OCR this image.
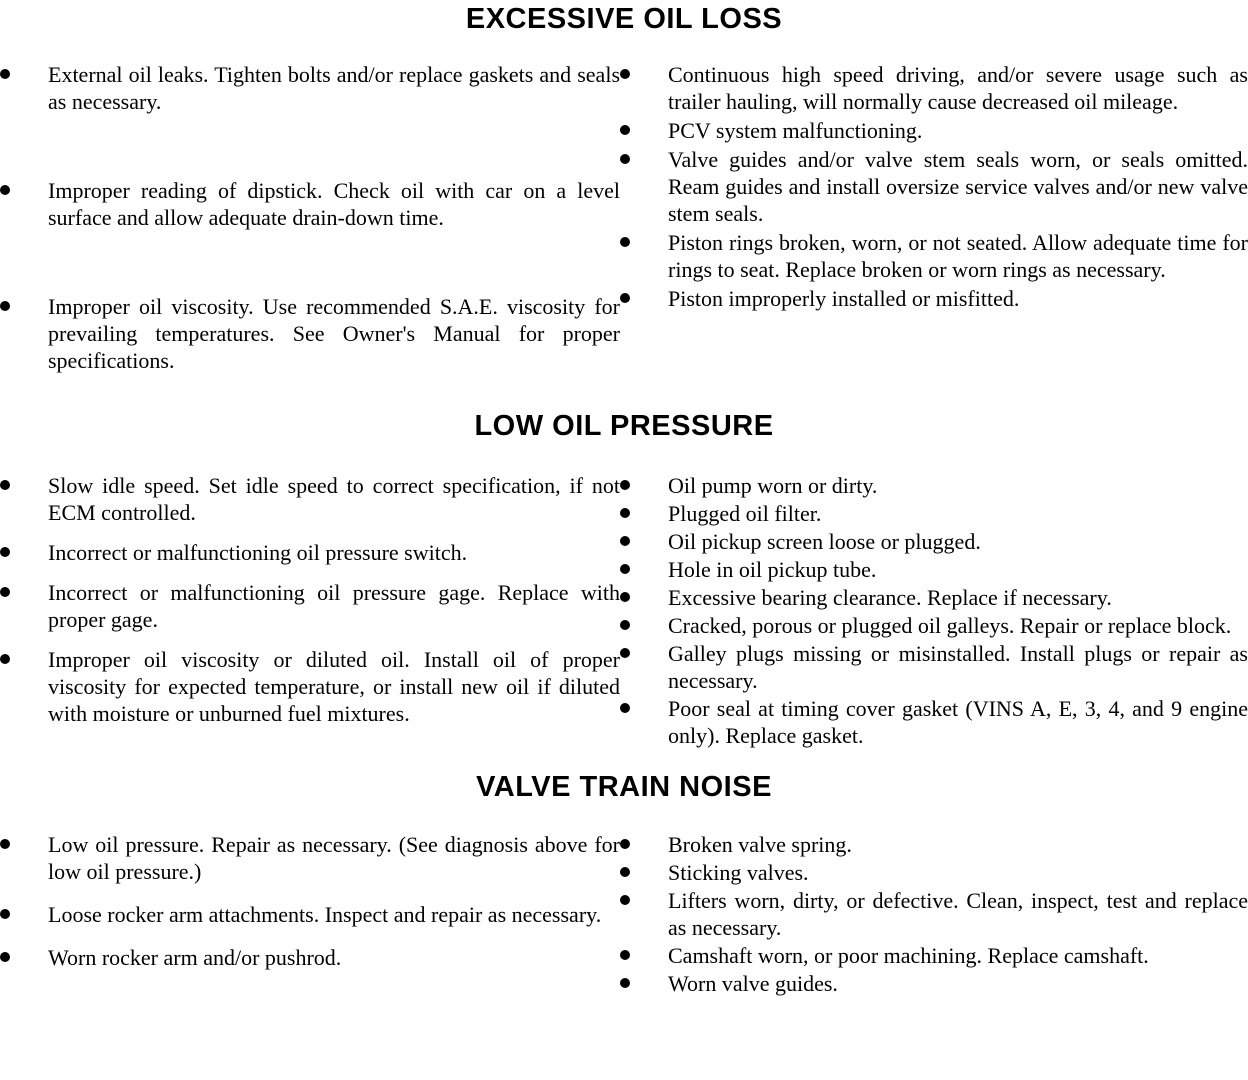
EXCESSIVE OIL LOSS
External oil leaks. Tighten bolts and/or replace gaskets and seals as necessary.
Improper reading of dipstick. Check oil with car on a level surface and allow adequate drain-down time.
Improper oil viscosity. Use recommended S.A.E. viscosity for prevailing temperatures. See Owner's Manual for proper specifications.
Continuous high speed driving, and/or severe usage such as trailer hauling, will normally cause decreased oil mileage.
PCV system malfunctioning.
Valve guides and/or valve stem seals worn, or seals omitted. Ream guides and install oversize service valves and/or new valve stem seals.
Piston rings broken, worn, or not seated. Allow adequate time for rings to seat. Replace broken or worn rings as necessary.
Piston improperly installed or misfitted.
LOW OIL PRESSURE
Slow idle speed. Set idle speed to correct specification, if not ECM controlled.
Incorrect or malfunctioning oil pressure switch.
Incorrect or malfunctioning oil pressure gage. Replace with proper gage.
Improper oil viscosity or diluted oil. Install oil of proper viscosity for expected temperature, or install new oil if diluted with moisture or unburned fuel mixtures.
Oil pump worn or dirty.
Plugged oil filter.
Oil pickup screen loose or plugged.
Hole in oil pickup tube.
Excessive bearing clearance. Replace if necessary.
Cracked, porous or plugged oil galleys. Repair or replace block.
Galley plugs missing or misinstalled. Install plugs or repair as necessary.
Poor seal at timing cover gasket (VINS A, E, 3, 4, and 9 engine only). Replace gasket.
VALVE TRAIN NOISE
Low oil pressure. Repair as necessary. (See diagnosis above for low oil pressure.)
Loose rocker arm attachments. Inspect and repair as necessary.
Worn rocker arm and/or pushrod.
Broken valve spring.
Sticking valves.
Lifters worn, dirty, or defective. Clean, inspect, test and replace as necessary.
Camshaft worn, or poor machining. Replace camshaft.
Worn valve guides.
